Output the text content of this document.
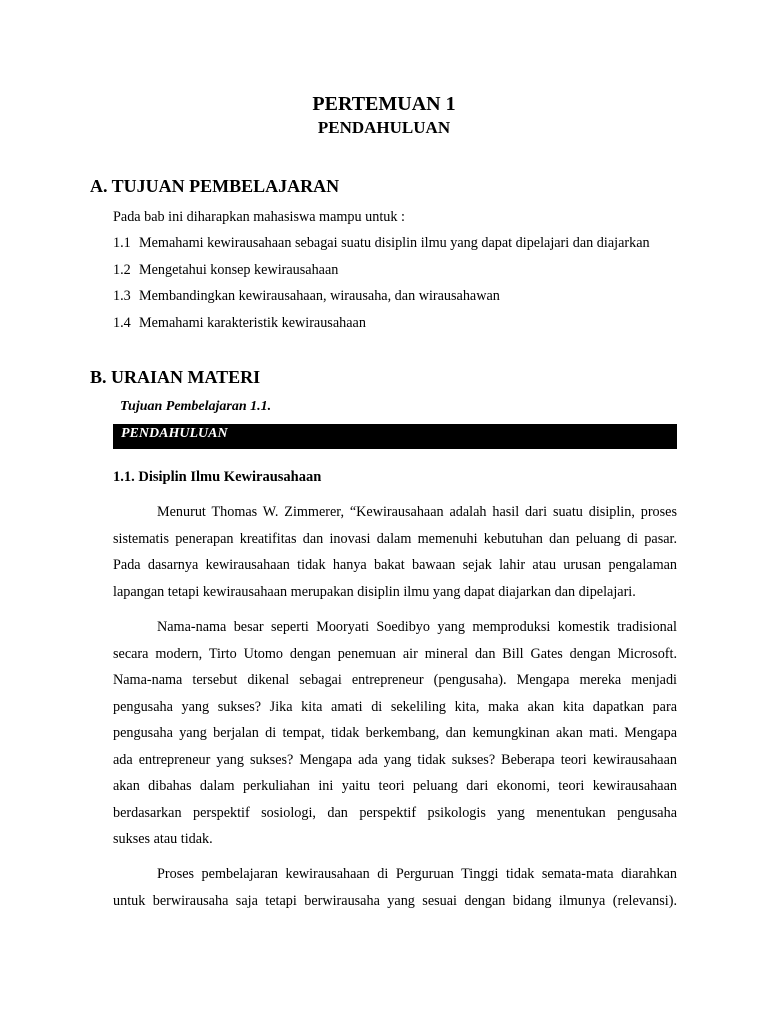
PERTEMUAN 1
PENDAHULUAN
A. TUJUAN PEMBELAJARAN
Pada bab ini diharapkan mahasiswa mampu untuk :
1.1 Memahami kewirausahaan sebagai suatu disiplin ilmu yang dapat dipelajari dan diajarkan
1.2 Mengetahui konsep kewirausahaan
1.3 Membandingkan kewirausahaan, wirausaha, dan wirausahawan
1.4 Memahami karakteristik kewirausahaan
B. URAIAN MATERI
Tujuan Pembelajaran 1.1.
PENDAHULUAN
1.1. Disiplin Ilmu Kewirausahaan

Menurut Thomas W. Zimmerer, “Kewirausahaan adalah hasil dari suatu disiplin, proses

sistematis penerapan kreatifitas dan inovasi dalam memenuhi kebutuhan dan peluang di pasar.

Pada dasarnya kewirausahaan tidak hanya bakat bawaan sejak lahir atau urusan pengalaman

lapangan tetapi kewirausahaan merupakan disiplin ilmu yang dapat diajarkan dan dipelajari.

Nama-nama besar seperti Mooryati Soedibyo yang memproduksi komestik tradisional

secara modern, Tirto Utomo dengan penemuan air mineral dan Bill Gates dengan Microsoft.

Nama-nama tersebut dikenal sebagai entrepreneur (pengusaha). Mengapa mereka menjadi

pengusaha yang sukses? Jika kita amati di sekeliling kita, maka akan kita dapatkan para

pengusaha yang berjalan di tempat, tidak berkembang, dan kemungkinan akan mati. Mengapa

ada entrepreneur yang sukses? Mengapa ada yang tidak sukses? Beberapa teori kewirausahaan

akan dibahas dalam perkuliahan ini yaitu teori peluang dari ekonomi, teori kewirausahaan

berdasarkan perspektif sosiologi, dan perspektif psikologis yang menentukan pengusaha

sukses atau tidak.

Proses pembelajaran kewirausahaan di Perguruan Tinggi tidak semata-mata diarahkan

untuk berwirausaha saja tetapi berwirausaha yang sesuai dengan bidang ilmunya (relevansi).
